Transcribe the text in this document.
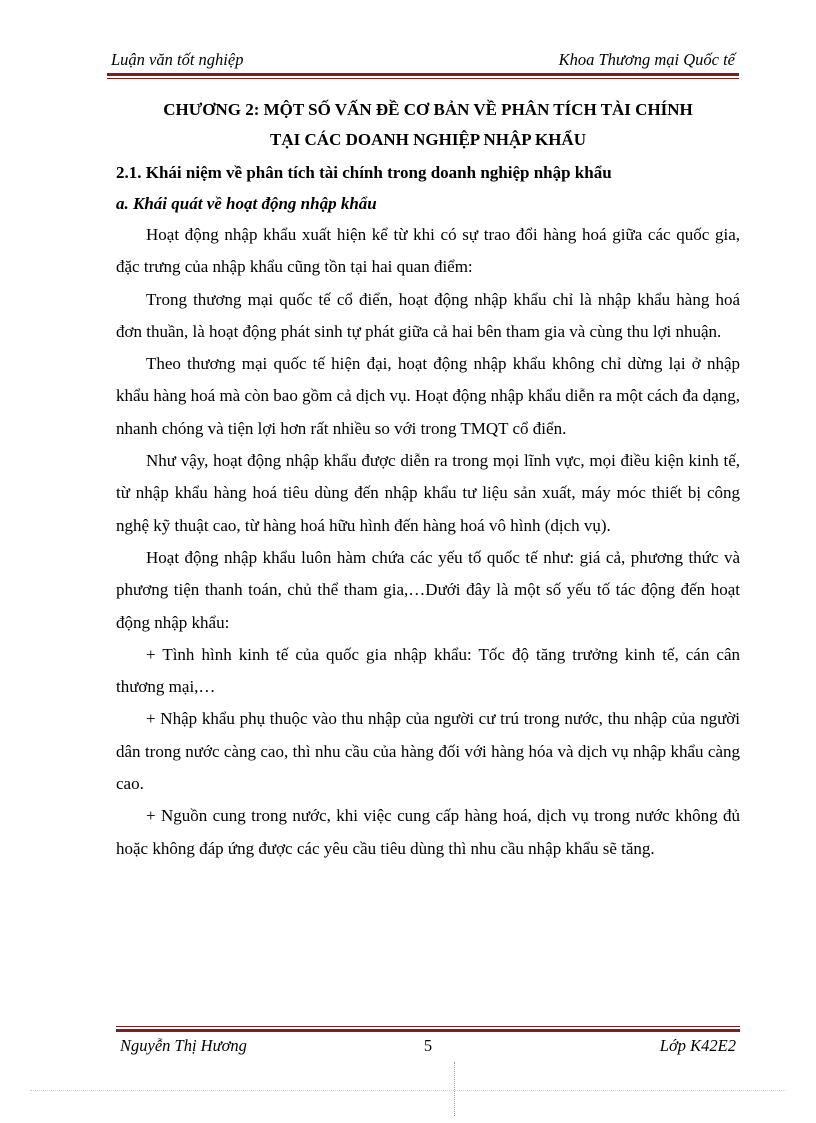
Luận văn tốt nghiệp	Khoa Thương mại Quốc tế
CHƯƠNG 2: MỘT SỐ VẤN ĐỀ CƠ BẢN VỀ PHÂN TÍCH TÀI CHÍNH
TẠI CÁC DOANH NGHIỆP NHẬP KHẨU
2.1. Khái niệm về phân tích tài chính trong doanh nghiệp nhập khẩu
a. Khái quát về hoạt động nhập khẩu

Hoạt động nhập khẩu xuất hiện kể từ khi có sự trao đổi hàng hoá giữa các quốc gia, đặc trưng của nhập khẩu cũng tồn tại hai quan điểm:

Trong thương mại quốc tế cổ điển, hoạt động nhập khẩu chỉ là nhập khẩu hàng hoá đơn thuần, là hoạt động phát sinh tự phát giữa cả hai bên tham gia và cùng thu lợi nhuận.

Theo thương mại quốc tế hiện đại, hoạt động nhập khẩu không chỉ dừng lại ở nhập khẩu hàng hoá mà còn bao gồm cả dịch vụ. Hoạt động nhập khẩu diễn ra một cách đa dạng, nhanh chóng và tiện lợi hơn rất nhiều so với trong TMQT cổ điển.

Như vậy, hoạt động nhập khẩu được diễn ra trong mọi lĩnh vực, mọi điều kiện kinh tế, từ nhập khẩu hàng hoá tiêu dùng đến nhập khẩu tư liệu sản xuất, máy móc thiết bị công nghệ kỹ thuật cao, từ hàng hoá hữu hình đến hàng hoá vô hình (dịch vụ).

Hoạt động nhập khẩu luôn hàm chứa các yếu tố quốc tế như: giá cả, phương thức và phương tiện thanh toán, chủ thể tham gia,…Dưới đây là một số yếu tố tác động đến hoạt động nhập khẩu:

+ Tình hình kinh tế của quốc gia nhập khẩu: Tốc độ tăng trưởng kinh tế, cán cân thương mại,…

+ Nhập khẩu phụ thuộc vào thu nhập của người cư trú trong nước, thu nhập của người dân trong nước càng cao, thì nhu cầu của hàng đối với hàng hóa và dịch vụ nhập khẩu càng cao.

+ Nguồn cung trong nước, khi việc cung cấp hàng hoá, dịch vụ trong nước không đủ hoặc không đáp ứng được các yêu cầu tiêu dùng thì nhu cầu nhập khẩu sẽ tăng.

Nguyễn Thị Hương	5	Lớp K42E2
